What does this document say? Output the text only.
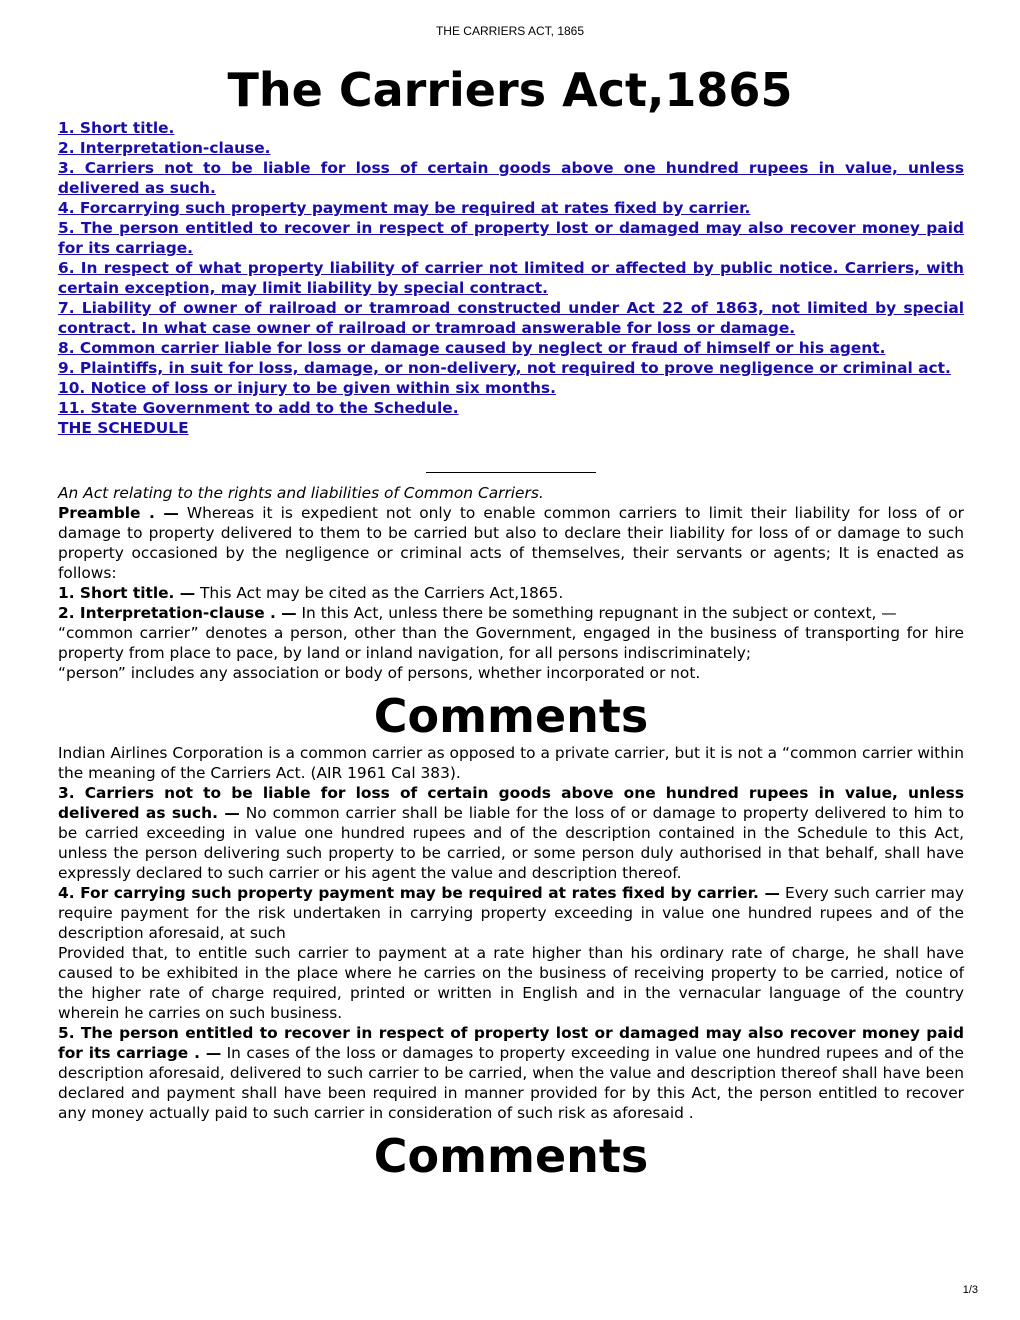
THE CARRIERS ACT, 1865
The Carriers Act,1865
1. Short title.
2. Interpretation-clause.
3. Carriers not to be liable for loss of certain goods above one hundred rupees in value, unless delivered as such.
4. Forcarrying such property payment may be required at rates fixed by carrier.
5. The person entitled to recover in respect of property lost or damaged may also recover money paid for its carriage.
6. In respect of what property liability of carrier not limited or affected by public notice. Carriers, with certain exception, may limit liability by special contract.
7. Liability of owner of railroad or tramroad constructed under Act 22 of 1863, not limited by special contract. In what case owner of railroad or tramroad answerable for loss or damage.
8. Common carrier liable for loss or damage caused by neglect or fraud of himself or his agent.
9. Plaintiffs, in suit for loss, damage, or non-delivery, not required to prove negligence or criminal act.
10. Notice of loss or injury to be given within six months.
11. State Government to add to the Schedule.
THE SCHEDULE

An Act relating to the rights and liabilities of Common Carriers.

Preamble . — Whereas it is expedient not only to enable common carriers to limit their liability for loss of or damage to property delivered to them to be carried but also to declare their liability for loss of or damage to such property occasioned by the negligence or criminal acts of themselves, their servants or agents; It is enacted as follows:

1. Short title. — This Act may be cited as the Carriers Act,1865.

2. Interpretation-clause . — In this Act, unless there be something repugnant in the subject or context, —

“common carrier” denotes a person, other than the Government, engaged in the business of transporting for hire property from place to pace, by land or inland navigation, for all persons indiscriminately;

“person” includes any association or body of persons, whether incorporated or not.

Comments

Indian Airlines Corporation is a common carrier as opposed to a private carrier, but it is not a “common carrier within the meaning of the Carriers Act. (AIR 1961 Cal 383).

3. Carriers not to be liable for loss of certain goods above one hundred rupees in value, unless delivered as such. — No common carrier shall be liable for the loss of or damage to property delivered to him to be carried exceeding in value one hundred rupees and of the description contained in the Schedule to this Act, unless the person delivering such property to be carried, or some person duly authorised in that behalf, shall have expressly declared to such carrier or his agent the value and description thereof.

4. For carrying such property payment may be required at rates fixed by carrier. — Every such carrier may require payment for the risk undertaken in carrying property exceeding in value one hundred rupees and of the description aforesaid, at such

Provided that, to entitle such carrier to payment at a rate higher than his ordinary rate of charge, he shall have caused to be exhibited in the place where he carries on the business of receiving property to be carried, notice of the higher rate of charge required, printed or written in English and in the vernacular language of the country wherein he carries on such business.

5. The person entitled to recover in respect of property lost or damaged may also recover money paid for its carriage . — In cases of the loss or damages to property exceeding in value one hundred rupees and of the description aforesaid, delivered to such carrier to be carried, when the value and description thereof shall have been declared and payment shall have been required in manner provided for by this Act, the person entitled to recover any money actually paid to such carrier in consideration of such risk as aforesaid .

Comments
1/3
